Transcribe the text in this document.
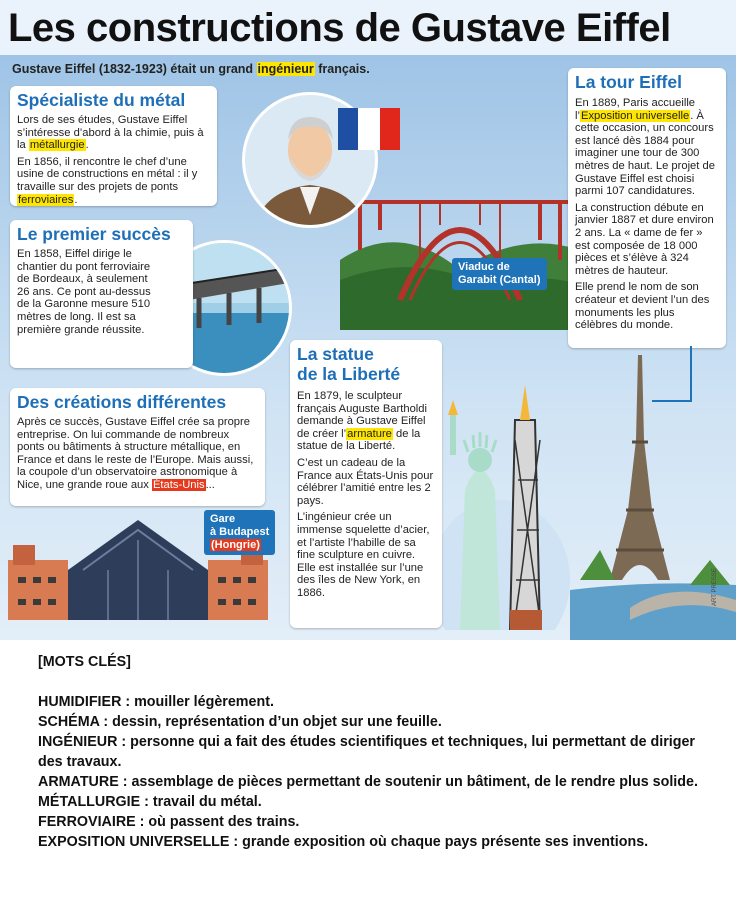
Les constructions de Gustave Eiffel
Gustave Eiffel (1832-1923) était un grand ingénieur français.
Spécialiste du métal

Lors de ses études, Gustave Eiffel s’intéresse d’abord à la chimie, puis à la métallurgie.

En 1856, il rencontre le chef d’une usine de constructions en métal : il y travaille sur des projets de ponts ferroviaires.

Le premier succès

En 1858, Eiffel dirige le chantier du pont ferroviaire de Bordeaux, à seulement 26 ans. Ce pont au-dessus de la Garonne mesure 510 mètres de long. Il est sa première grande réussite.

Des créations différentes

Après ce succès, Gustave Eiffel crée sa propre entreprise. On lui commande de nombreux ponts ou bâtiments à structure métallique, en France et dans le reste de l’Europe. Mais aussi, la coupole d’un observatoire astronomique à Nice, une grande roue aux États-Unis...

La statue
de la Liberté

En 1879, le sculpteur français Auguste Bartholdi demande à Gustave Eiffel de créer l’armature de la statue de la Liberté.

C’est un cadeau de la France aux États-Unis pour célébrer l’amitié entre les 2 pays.

L’ingénieur crée un immense squelette d’acier, et l’artiste l’habille de sa fine sculpture en cuivre. Elle est installée sur l’une des îles de New York, en 1886.

La tour Eiffel

En 1889, Paris accueille l’Exposition universelle. À cette occasion, un concours est lancé dès 1884 pour imaginer une tour de 300 mètres de haut. Le projet de Gustave Eiffel est choisi parmi 107 candidatures.

La construction débute en janvier 1887 et dure environ 2 ans. La « dame de fer » est composée de 18 000 pièces et s’élève à 324 mètres de hauteur.

Elle prend le nom de son créateur et devient l’un des monuments les plus célèbres du monde.

Viaduc de
Garabit (Cantal)
Gare
à Budapest
(Hongrie)
ART PRESSE
[MOTS CLÉS]
HUMIDIFIER : mouiller légèrement.
SCHÉMA : dessin, représentation d’un objet sur une feuille.
INGÉNIEUR : personne qui a fait des études scientifiques et techniques, lui permettant de diriger des travaux.
ARMATURE : assemblage de pièces permettant de soutenir un bâtiment, de le rendre plus solide.
MÉTALLURGIE : travail du métal.
FERROVIAIRE : où passent des trains.
EXPOSITION UNIVERSELLE : grande exposition où chaque pays présente ses inventions.
